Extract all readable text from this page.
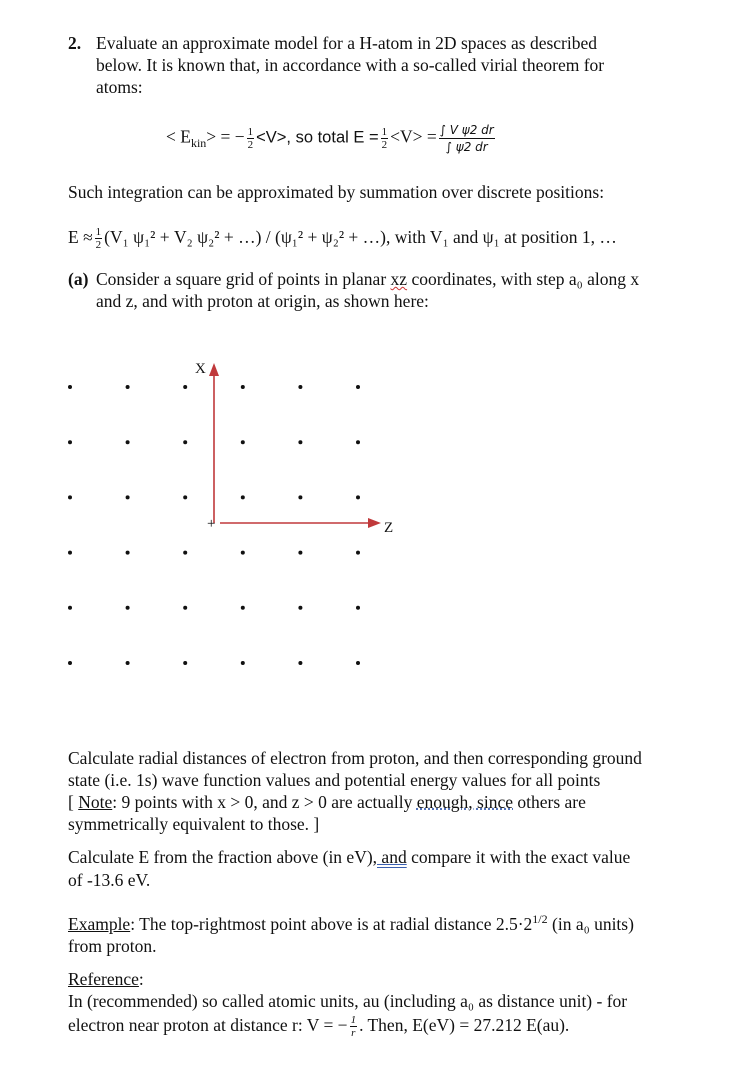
2. Evaluate an approximate model for a H-atom in 2D spaces as described
below. It is known that, in accordance with a so-called virial theorem for
atoms:
< $E_{kin}>$ = − $\frac{1}{2} <V>$, so total $E = \frac{1}{2} <V> = \frac{\text{∫ V ψ2 dr}}{\int \psi 2 dr}$
Such integration can be approximated by summation over discrete positions:
$E \approx \frac{1}{2} (V_1$ ψ₁² + V₂ ψ₂² + …) / (ψ₁² + ψ₂² + …), with V₁ and ψ₁ at position 1, …
(a) Consider a square grid of points in planar xz coordinates, with step a₀ along x
and z, and with proton at origin, as shown here:
X
Z
+
Calculate radial distances of electron from proton, and then corresponding ground
state (i.e. 1s) wave function values and potential energy values for all points
[ Note: 9 points with x > 0, and z > 0 are actually enough, since others are
symmetrically equivalent to those. ]
Calculate E from the fraction above (in eV), and compare it with the exact value
of -13.6 eV.
Example: The top-rightmost point above is at radial distance $2.5\cdot 2^{1/2}$ (in a₀ units)
from proton.
Reference:
In (recommended) so called atomic units, au (including a₀ as distance unit) - for
electron near proton at distance r: V = − $\frac{1}{r}$ . Then, E(eV) = 27.212 E(au).
